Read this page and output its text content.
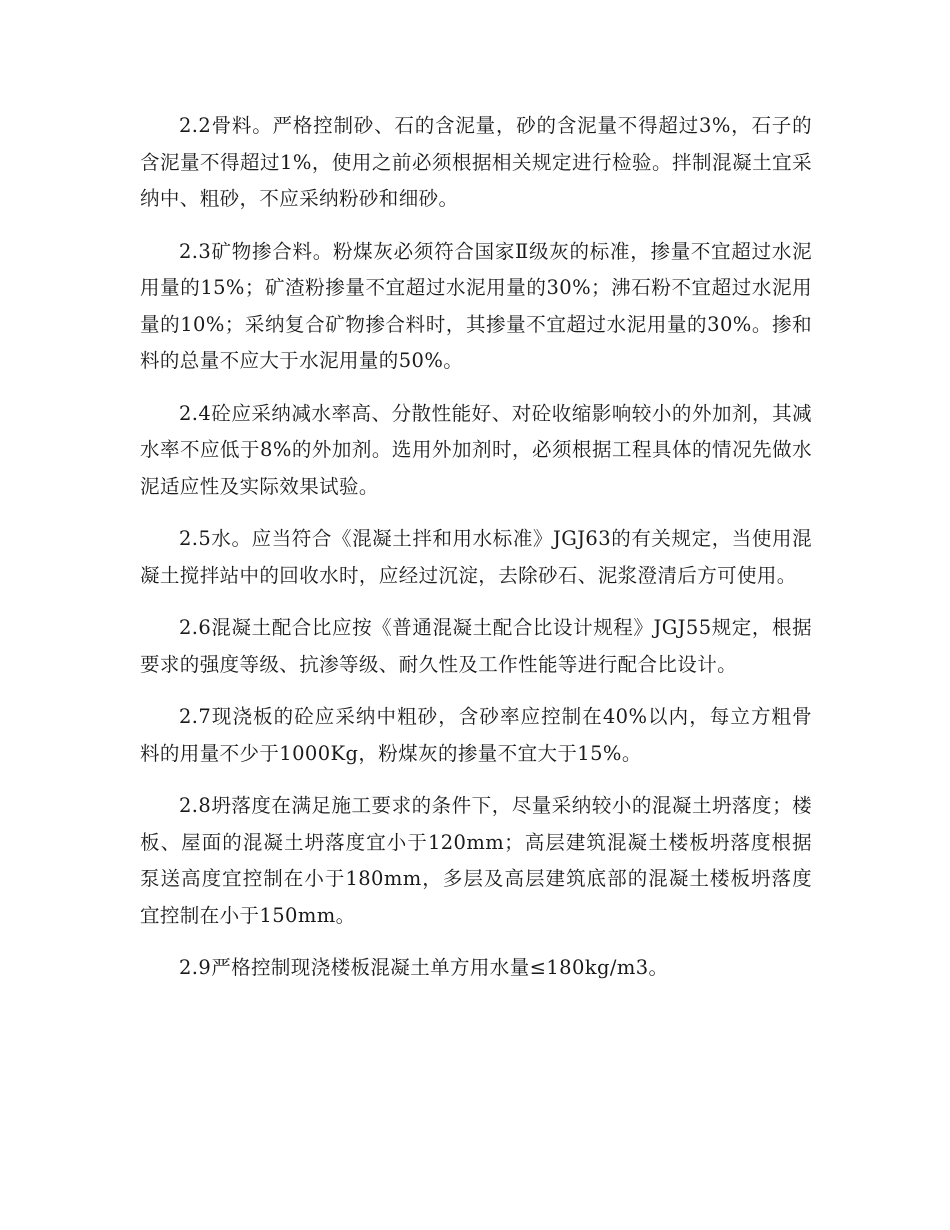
2.2骨料。严格控制砂、石的含泥量，砂的含泥量不得超过3%，石子的含泥量不得超过1%，使用之前必须根据相关规定进行检验。拌制混凝土宜采纳中、粗砂，不应采纳粉砂和细砂。

2.3矿物掺合料。粉煤灰必须符合国家Ⅱ级灰的标准，掺量不宜超过水泥用量的15%；矿渣粉掺量不宜超过水泥用量的30%；沸石粉不宜超过水泥用量的10%；采纳复合矿物掺合料时，其掺量不宜超过水泥用量的30%。掺和料的总量不应大于水泥用量的50%。

2.4砼应采纳减水率高、分散性能好、对砼收缩影响较小的外加剂，其减水率不应低于8%的外加剂。选用外加剂时，必须根据工程具体的情况先做水泥适应性及实际效果试验。

2.5水。应当符合《混凝土拌和用水标准》JGJ63的有关规定，当使用混凝土搅拌站中的回收水时，应经过沉淀，去除砂石、泥浆澄清后方可使用。

2.6混凝土配合比应按《普通混凝土配合比设计规程》JGJ55规定，根据要求的强度等级、抗渗等级、耐久性及工作性能等进行配合比设计。

2.7现浇板的砼应采纳中粗砂，含砂率应控制在40%以内，每立方粗骨料的用量不少于1000Kg，粉煤灰的掺量不宜大于15%。

2.8坍落度在满足施工要求的条件下，尽量采纳较小的混凝土坍落度；楼板、屋面的混凝土坍落度宜小于120mm；高层建筑混凝土楼板坍落度根据泵送高度宜控制在小于180mm，多层及高层建筑底部的混凝土楼板坍落度宜控制在小于150mm。

2.9严格控制现浇楼板混凝土单方用水量≤180kg/m3。
